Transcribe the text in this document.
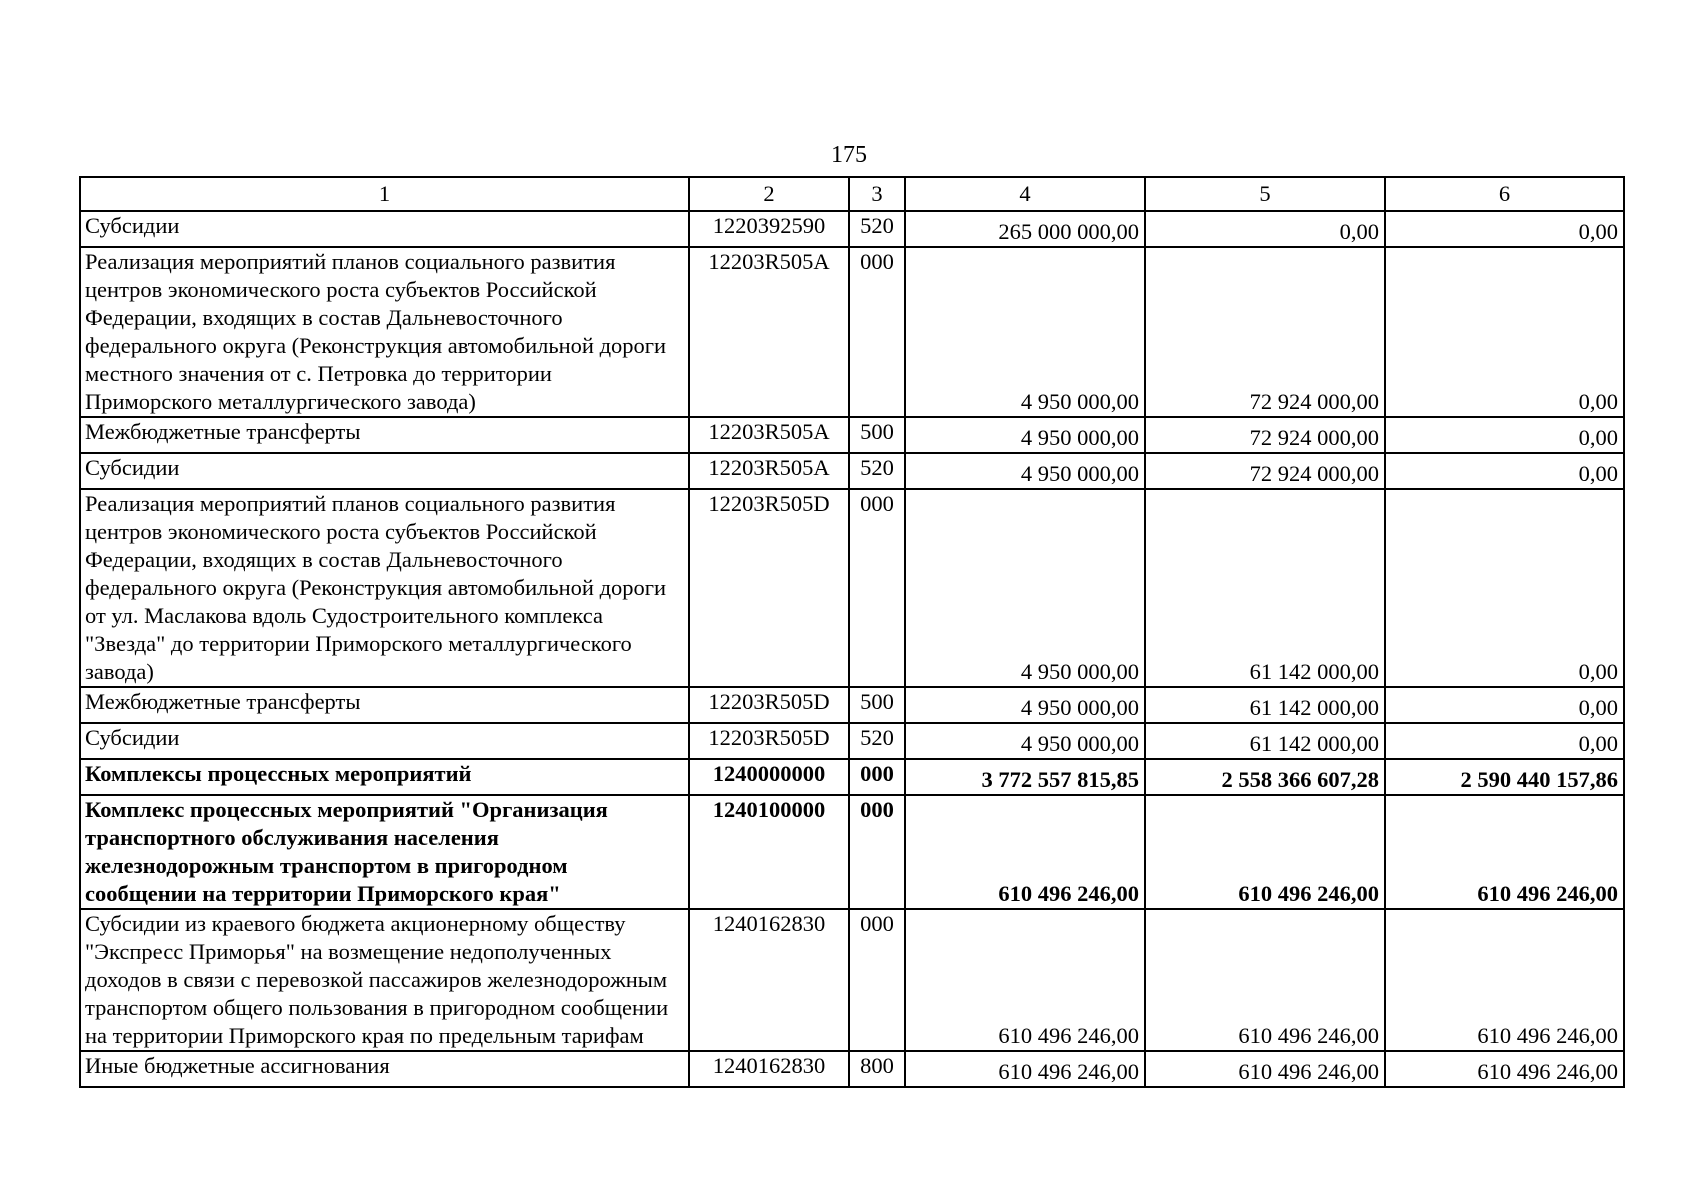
175
1	2	3	4	5	6
Субсидии	1220392590	520	265 000 000,00	0,00	0,00
Реализация мероприятий планов социального развития центров экономического роста субъектов Российской Федерации, входящих в состав Дальневосточного федерального округа (Реконструкция автомобильной дороги местного значения от с. Петровка до территории Приморского металлургического завода)	12203R505A	000	4 950 000,00	72 924 000,00	0,00
Межбюджетные трансферты	12203R505A	500	4 950 000,00	72 924 000,00	0,00
Субсидии	12203R505A	520	4 950 000,00	72 924 000,00	0,00
Реализация мероприятий планов социального развития центров экономического роста субъектов Российской Федерации, входящих в состав Дальневосточного федерального округа (Реконструкция автомобильной дороги от ул. Маслакова вдоль Судостроительного комплекса "Звезда" до территории Приморского металлургического завода)	12203R505D	000	4 950 000,00	61 142 000,00	0,00
Межбюджетные трансферты	12203R505D	500	4 950 000,00	61 142 000,00	0,00
Субсидии	12203R505D	520	4 950 000,00	61 142 000,00	0,00
Комплексы процессных мероприятий	1240000000	000	3 772 557 815,85	2 558 366 607,28	2 590 440 157,86
Комплекс процессных мероприятий "Организация транспортного обслуживания населения железнодорожным транспортом в пригородном сообщении на территории Приморского края"	1240100000	000	610 496 246,00	610 496 246,00	610 496 246,00
Субсидии из краевого бюджета акционерному обществу "Экспресс Приморья" на возмещение недополученных доходов в связи с перевозкой пассажиров железнодорожным транспортом общего пользования в пригородном сообщении на территории Приморского края по предельным тарифам	1240162830	000	610 496 246,00	610 496 246,00	610 496 246,00
Иные бюджетные ассигнования	1240162830	800	610 496 246,00	610 496 246,00	610 496 246,00
